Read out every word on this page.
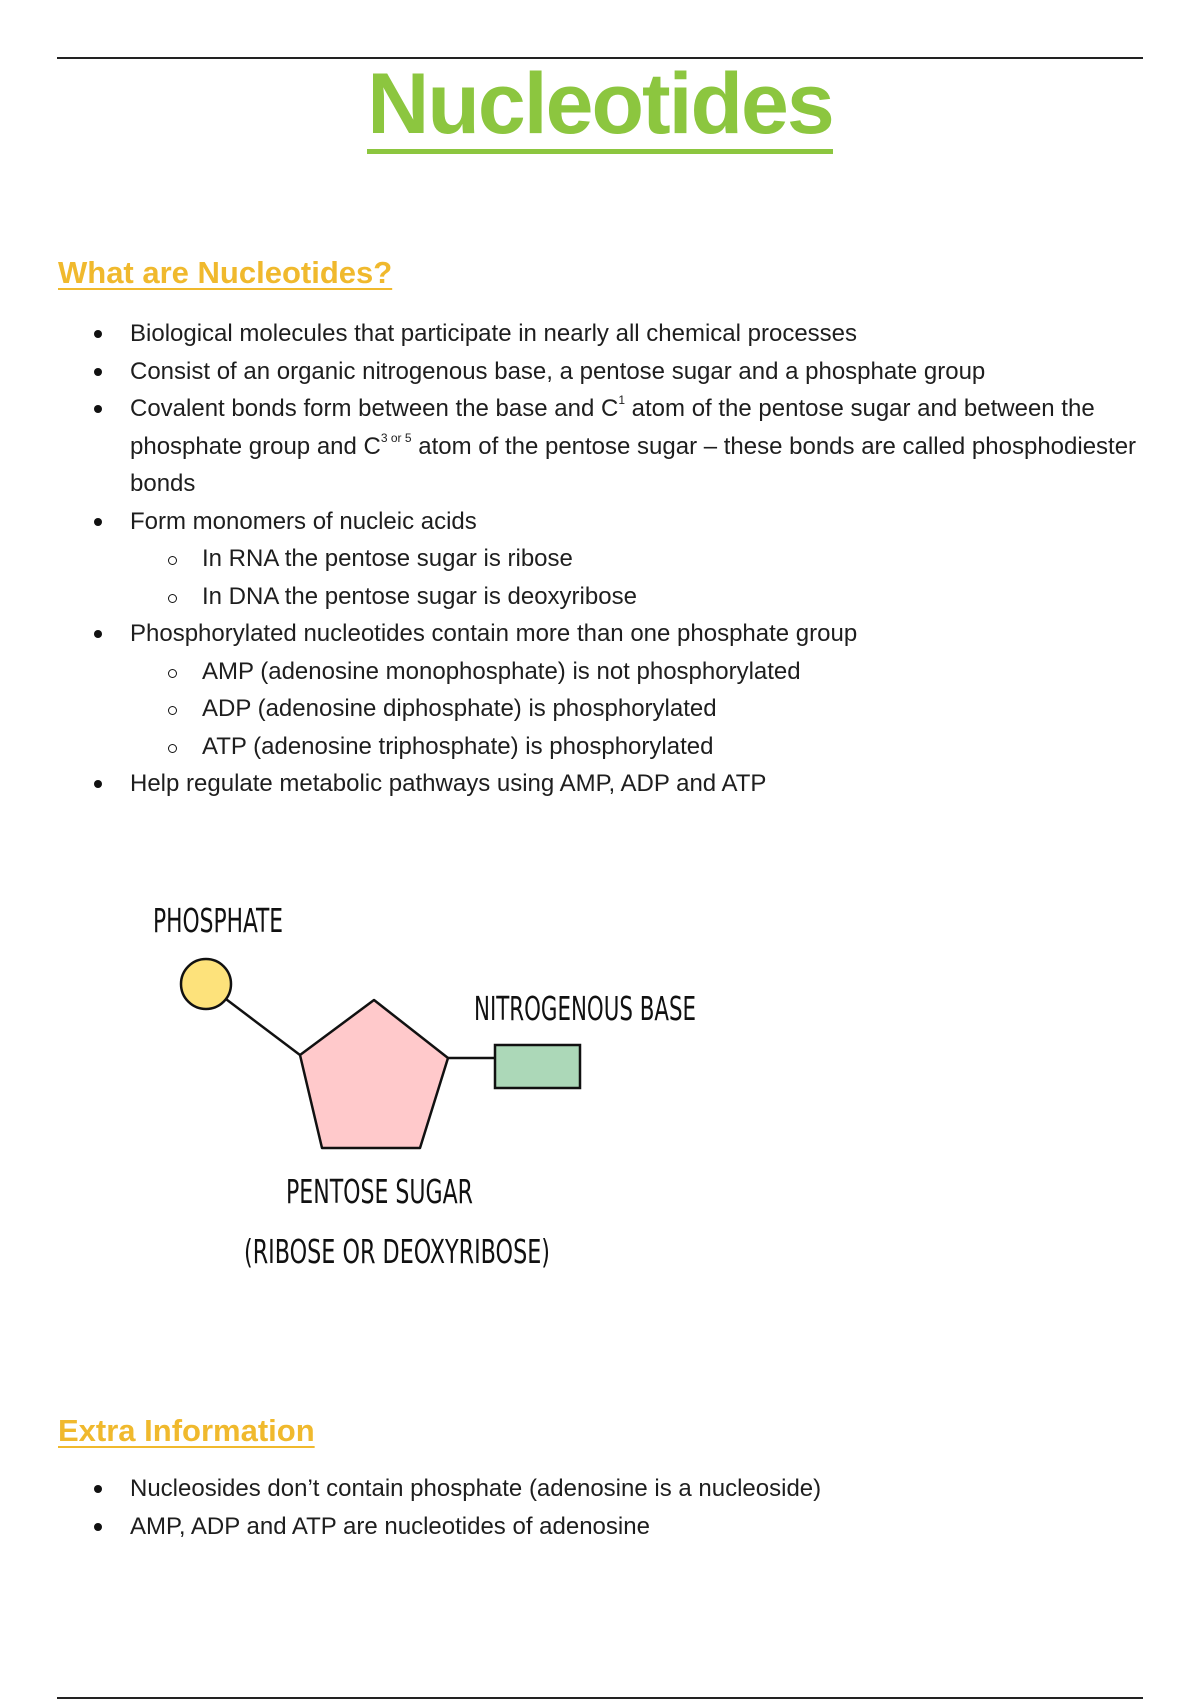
Nucleotides
What are Nucleotides?
Biological molecules that participate in nearly all chemical processes
Consist of an organic nitrogenous base, a pentose sugar and a phosphate group
Covalent bonds form between the base and $C^1$ atom of the pentose sugar and between the phosphate group and $C^{3 or 5}$ atom of the pentose sugar – these bonds are called phosphodiester bonds
Form monomers of nucleic acids
In RNA the pentose sugar is ribose
In DNA the pentose sugar is deoxyribose
Phosphorylated nucleotides contain more than one phosphate group
AMP (adenosine monophosphate) is not phosphorylated
ADP (adenosine diphosphate) is phosphorylated
ATP (adenosine triphosphate) is phosphorylated
Help regulate metabolic pathways using AMP, ADP and ATP
PHOSPHATE
NITROGENOUS BASE
PENTOSE SUGAR
(RIBOSE OR DEOXYRIBOSE)
Extra Information
Nucleosides don’t contain phosphate (adenosine is a nucleoside)
AMP, ADP and ATP are nucleotides of adenosine
